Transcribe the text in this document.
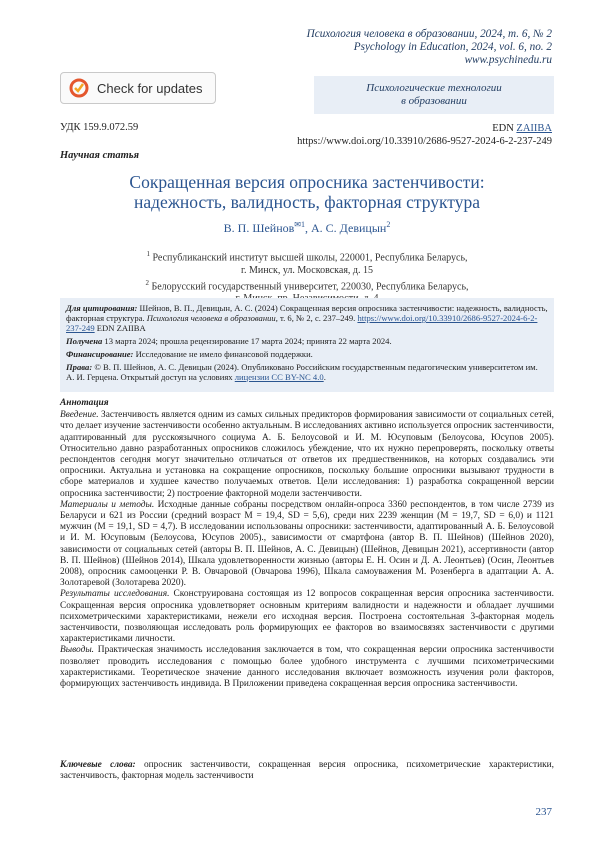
Психология человека в образовании, 2024, т. 6, № 2
Psychology in Education, 2024, vol. 6, no. 2
www.psychinedu.ru
Check for updates	Психологические технологии
в образовании
УДК 159.9.072.59	EDN ZAIIBA
https://www.doi.org/10.33910/2686-9527-2024-6-2-237-249
Научная статья
Сокращенная версия опросника застенчивости:
надежность, валидность, факторная структура
В. П. Шейнов$^{✉1}$, А. С. Девицын$^2$
$^1$ Республиканский институт высшей школы, 220001, Республика Беларусь,
г. Минск, ул. Московская, д. 15
$^2$ Белорусский государственный университет, 220030, Республика Беларусь,

Для цитирования: Шейнов, В. П., Девицын, А. С. (2024) Сокращенная версия опросника застенчивости: надежность, валидность, факторная структура. Психология человека в образовании, т. 6, № 2, с. 237–249. https://www.doi.org/10.33910/2686-9527-2024-6-2-237-249 EDN ZAIIBA

Получена 13 марта 2024; прошла рецензирование 17 марта 2024; принята 22 марта 2024.

Финансирование: Исследование не имело финансовой поддержки.

Права: © В. П. Шейнов, А. С. Девицын (2024). Опубликовано Российским государственным педагогическим университетом им. А. И. Герцена. Открытый доступ на условиях лицензии CC BY-NC 4.0.

Аннотация

Введение. Застенчивость является одним из самых сильных предикторов формирования зависимости от социальных сетей, что делает изучение застенчивости особенно актуальным. В исследованиях активно используется опросник застенчивости, адаптированный для русскоязычного социума А. Б. Белоусовой и И. М. Юсуповым (Белоусова, Юсупов 2005). Относительно давно разработанных опросников сложилось убеждение, что их нужно перепроверять, поскольку ответы респондентов сегодня могут значительно отличаться от ответов их предшественников, на которых создавались эти опросники. Актуальна и установка на сокращение опросников, поскольку большие опросники вызывают трудности в сборе материалов и худшее качество получаемых ответов. Цели исследования: 1) разработка сокращенной версии опросника застенчивости; 2) построение факторной модели застенчивости.

Материалы и методы. Исходные данные собраны посредством онлайн-опроса 3360 респондентов, в том числе 2739 из Беларуси и 621 из России (средний возраст M = 19,4, SD = 5,6), среди них 2239 женщин (M = 19,7, SD = 6,0) и 1121 мужчин (M = 19,1, SD = 4,7). В исследовании использованы опросники: застенчивости, адаптированный А. Б. Белоусовой и И. М. Юсуповым (Белоусова, Юсупов 2005)., зависимости от смартфона (автор В. П. Шейнов) (Шейнов 2020), зависимости от социальных сетей (авторы В. П. Шейнов, А. С. Девицын) (Шейнов, Девицын 2021), ассертивности (автор В. П. Шейнов) (Шейнов 2014), Шкала удовлетворенности жизнью (авторы Е. Н. Осин и Д. А. Леонтьев) (Осин, Леонтьев 2008), опросник самооценки Р. В. Овчаровой (Овчарова 1996), Шкала самоуважения М. Розенберга в адаптации А. А. Золотаревой (Золотарева 2020).

Результаты исследования. Сконструирована состоящая из 12 вопросов сокращенная версия опросника застенчивости. Сокращенная версия опросника удовлетворяет основным критериям валидности и надежности и обладает лучшими психометрическими характеристиками, нежели его исходная версия. Построена состоятельная 3-факторная модель застенчивости, позволяющая исследовать роль формирующих ее факторов во взаимосвязях застенчивости с другими характеристиками личности.

Выводы. Практическая значимость исследования заключается в том, что сокращенная версии опросника застенчивости позволяет проводить исследования с помощью более удобного инструмента с лучшими психометрическими характеристиками. Теоретическое значение данного исследования включает возможность изучения роли факторов, формирующих застенчивость индивида. В Приложении приведена сокращенная версия опросника застенчивости.

Ключевые слова: опросник застенчивости, сокращенная версия опросника, психометрические характеристики, застенчивость, факторная модель застенчивости
237
